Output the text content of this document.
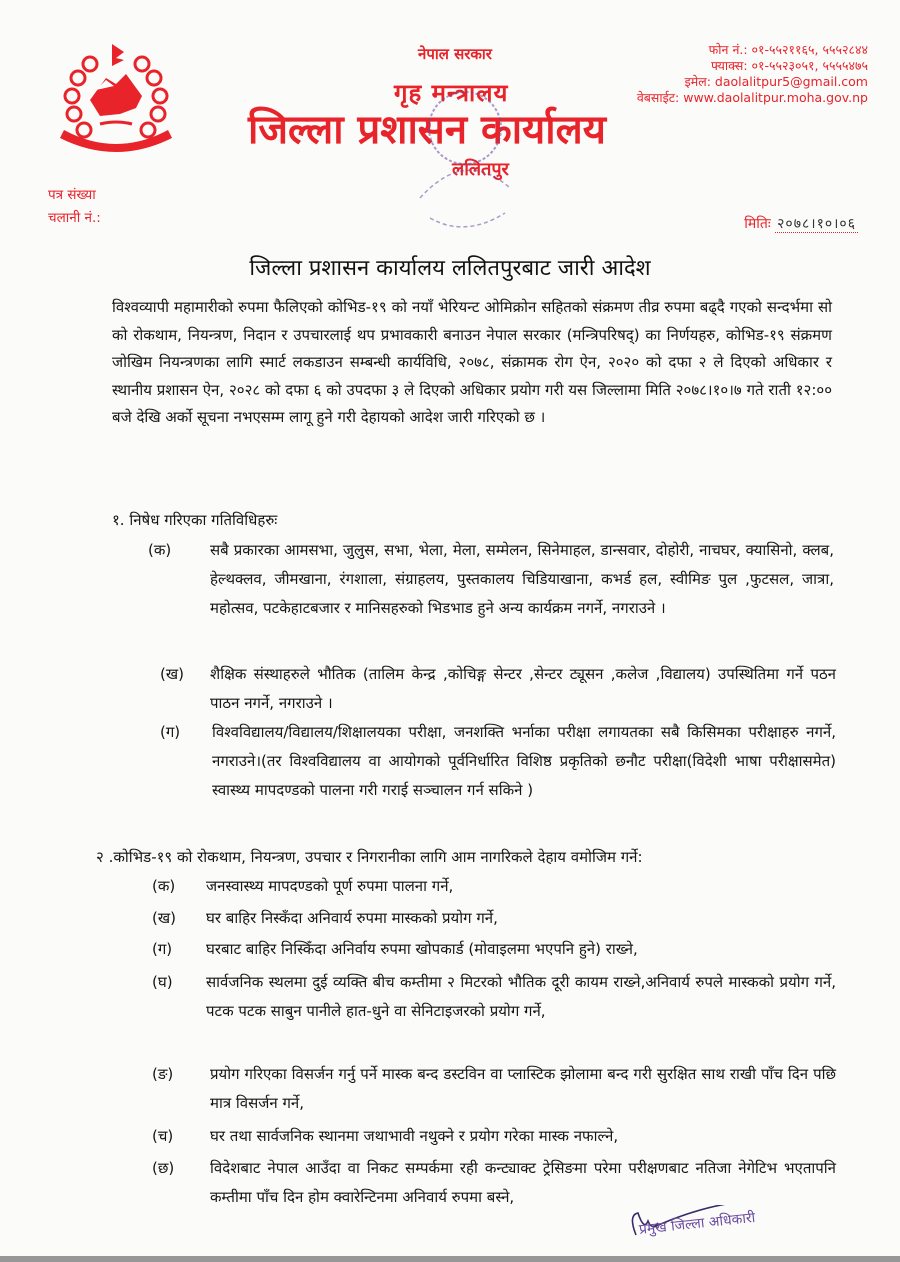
नेपाल सरकार
गृह मन्त्रालय
जिल्ला प्रशासन कार्यालय
ललितपुर
फोन नं.: ०१-५५२११६५, ५५५२८४४
फ्याक्स: ०१-५५२३०५१, ५५५५४७५
इमेल: daolalitpur5@gmail.com
वेबसाईट: www.daolalitpur.moha.gov.np
पत्र संख्या
चलानी नं.:	मितिः २०७८।१०।०६
जिल्ला प्रशासन कार्यालय ललितपुरबाट जारी आदेश

विश्वव्यापी महामारीको रुपमा फैलिएको कोभिड-१९ को नयाँ भेरियन्ट ओमिक्रोन सहितको संक्रमण तीव्र रुपमा बढ्दै गएको सन्दर्भमा सो को रोकथाम, नियन्त्रण, निदान र उपचारलाई थप प्रभावकारी बनाउन नेपाल सरकार (मन्त्रिपरिषद्) का निर्णयहरु, कोभिड-१९ संक्रमण जोखिम नियन्त्रणका लागि स्मार्ट लकडाउन सम्बन्धी कार्यविधि, २०७८, संक्रामक रोग ऐन, २०२० को दफा २ ले दिएको अधिकार र स्थानीय प्रशासन ऐन, २०२८ को दफा ६ को उपदफा ३ ले दिएको अधिकार प्रयोग गरी यस जिल्लामा मिति २०७८।१०।७ गते राती १२:०० बजे देखि अर्को सूचना नभएसम्म लागू हुने गरी देहायको आदेश जारी गरिएको छ ।

१. निषेध गरिएका गतिविधिहरुः
(क)	सबै प्रकारका आमसभा, जुलुस, सभा, भेला, मेला, सम्मेलन, सिनेमाहल, डान्सवार, दोहोरी, नाचघर, क्यासिनो, क्लब, हेल्थक्लव, जीमखाना, रंगशाला, संग्राहलय, पुस्तकालय चिडियाखाना, कभर्ड हल, स्वीमिङ पुल ,फुटसल, जात्रा, महोत्सव, पटकेहाटबजार र मानिसहरुको भिडभाड हुने अन्य कार्यक्रम नगर्ने, नगराउने ।
(ख) शैक्षिक संस्थाहरुले भौतिक (तालिम केन्द्र ,कोचिङ्ग सेन्टर ,सेन्टर ट्यूसन ,कलेज ,विद्यालय) उपस्थितिमा गर्ने पठन पाठन नगर्ने, नगराउने ।
(ग) विश्वविद्यालय/विद्यालय/शिक्षालयका परीक्षा, जनशक्ति भर्नाका परीक्षा लगायतका सबै किसिमका परीक्षाहरु नगर्ने, नगराउने।(तर विश्वविद्यालय वा आयोगको पूर्वनिर्धारित विशिष्ठ प्रकृतिको छनौट परीक्षा(विदेशी भाषा परीक्षासमेत) स्वास्थ्य मापदण्डको पालना गरी गराई सञ्चालन गर्न सकिने )
२ .कोभिड-१९ को रोकथाम, नियन्त्रण, उपचार र निगरानीका लागि आम नागरिकले देहाय वमोजिम गर्ने:
(क) जनस्वास्थ्य मापदण्डको पूर्ण रुपमा पालना गर्ने,
(ख) घर बाहिर निस्कँदा अनिवार्य रुपमा मास्कको प्रयोग गर्ने,
(ग) घरबाट बाहिर निस्किँदा अनिर्वाय रुपमा खोपकार्ड (मोवाइलमा भएपनि हुने) राख्ने,
(घ) सार्वजनिक स्थलमा दुई व्यक्ति बीच कम्तीमा २ मिटरको भौतिक दूरी कायम राख्ने,अनिवार्य रुपले मास्कको प्रयोग गर्ने, पटक पटक साबुन पानीले हात-धुने वा सेनिटाइजरको प्रयोग गर्ने,
(ङ) प्रयोग गरिएका विसर्जन गर्नु पर्ने मास्क बन्द डस्टविन वा प्लास्टिक झोलामा बन्द गरी सुरक्षित साथ राखी पाँच दिन पछि मात्र विसर्जन गर्ने,
(च) घर तथा सार्वजनिक स्थानमा जथाभावी नथुक्ने र प्रयोग गरेका मास्क नफाल्ने,
(छ) विदेशबाट नेपाल आउँदा वा निकट सम्पर्कमा रही कन्ट्याक्ट ट्रेसिङमा परेमा परीक्षणबाट नतिजा नेगेटिभ भएतापनि कम्तीमा पाँच दिन होम क्वारेन्टिनमा अनिवार्य रुपमा बस्ने,
प्रमुख जिल्ला अधिकारी
